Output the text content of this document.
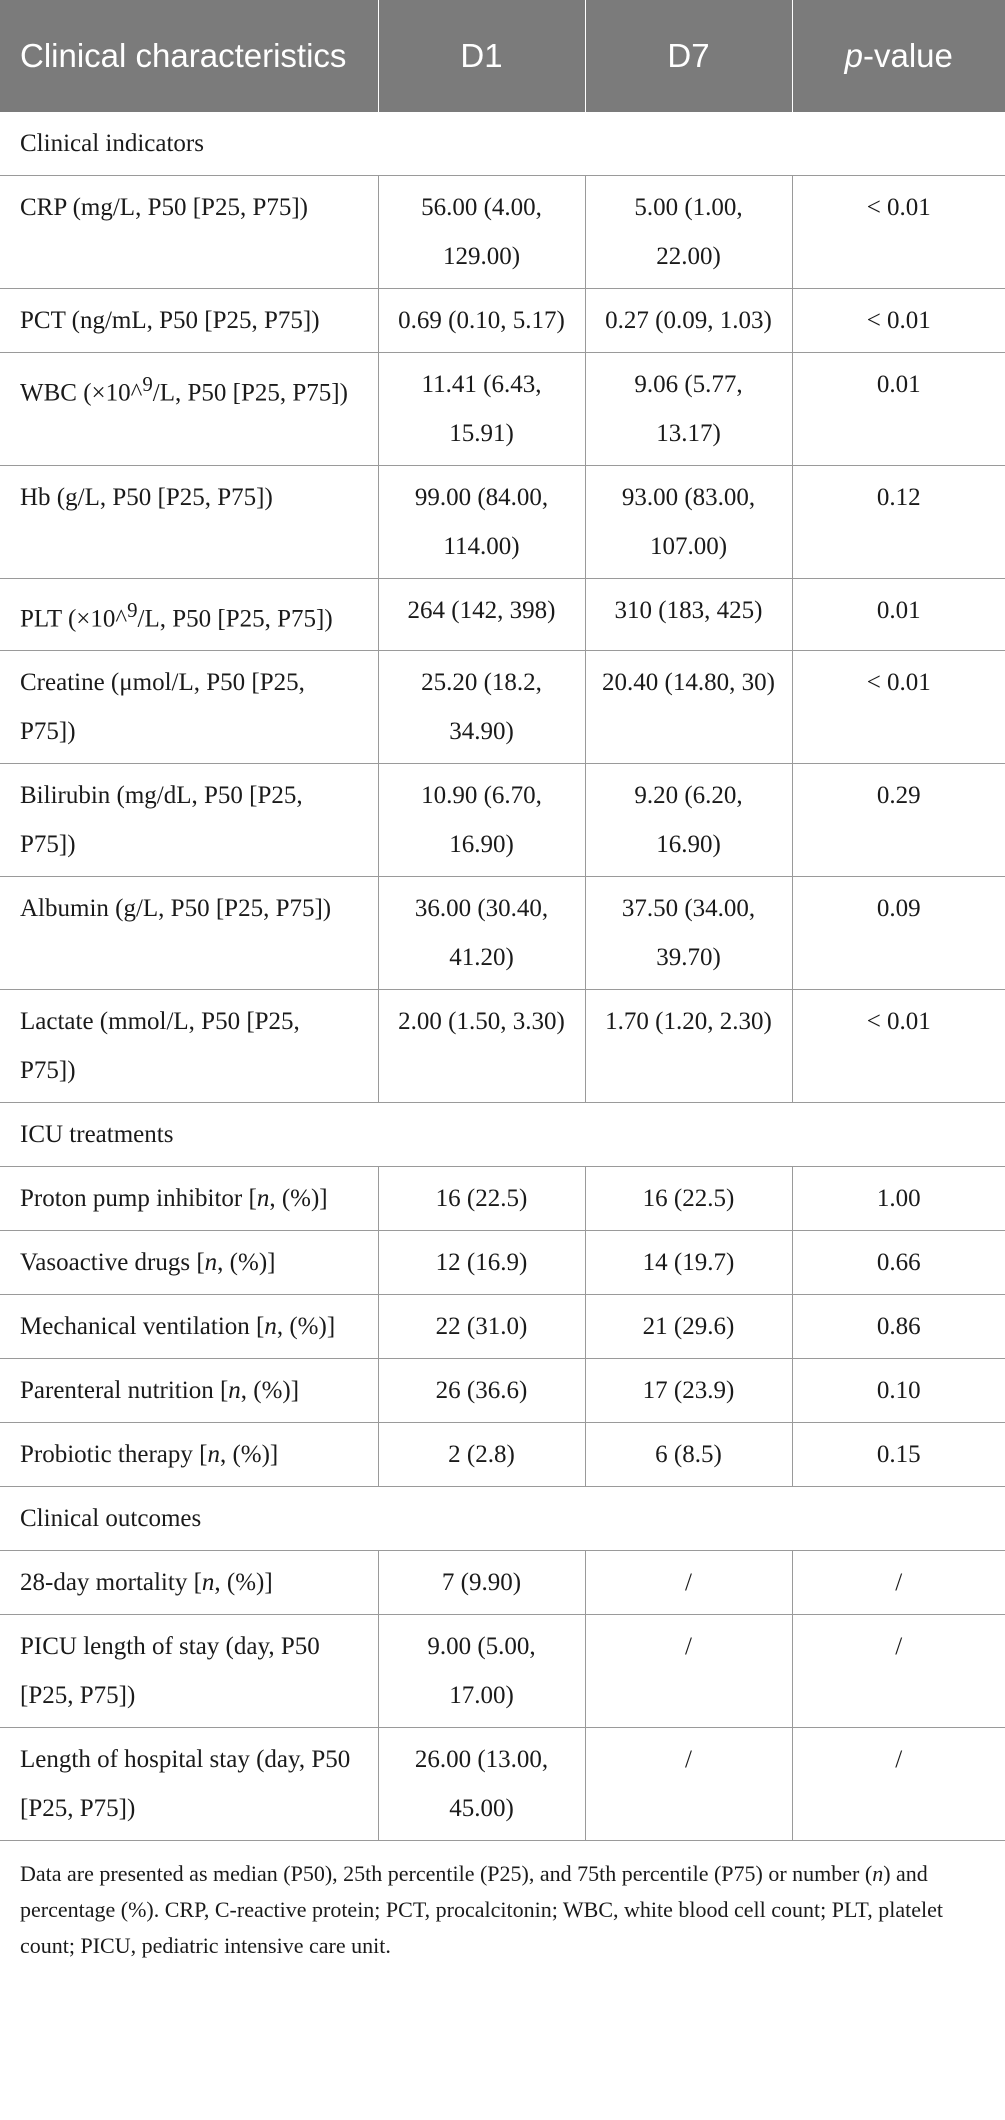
Clinical characteristics	D1	D7	p-value
Clinical indicators			
CRP (mg/L, P50 [P25, P75])	56.00 (4.00, 129.00)	5.00 (1.00, 22.00)	< 0.01
PCT (ng/mL, P50 [P25, P75])	0.69 (0.10, 5.17)	0.27 (0.09, 1.03)	< 0.01
WBC (×10^$^9$/L, P50 [P25, P75])	11.41 (6.43, 15.91)	9.06 (5.77, 13.17)	0.01
Hb (g/L, P50 [P25, P75])	99.00 (84.00, 114.00)	93.00 (83.00, 107.00)	0.12
PLT (×10^$^9$/L, P50 [P25, P75])	264 (142, 398)	310 (183, 425)	0.01
Creatine (μmol/L, P50 [P25, P75])	25.20 (18.2, 34.90)	20.40 (14.80, 30)	< 0.01
Bilirubin (mg/dL, P50 [P25, P75])	10.90 (6.70, 16.90)	9.20 (6.20, 16.90)	0.29
Albumin (g/L, P50 [P25, P75])	36.00 (30.40, 41.20)	37.50 (34.00, 39.70)	0.09
Lactate (mmol/L, P50 [P25, P75])	2.00 (1.50, 3.30)	1.70 (1.20, 2.30)	< 0.01
ICU treatments			
Proton pump inhibitor [n, (%)]	16 (22.5)	16 (22.5)	1.00
Vasoactive drugs [n, (%)]	12 (16.9)	14 (19.7)	0.66
Mechanical ventilation [n, (%)]	22 (31.0)	21 (29.6)	0.86
Parenteral nutrition [n, (%)]	26 (36.6)	17 (23.9)	0.10
Probiotic therapy [n, (%)]	2 (2.8)	6 (8.5)	0.15
Clinical outcomes			
28-day mortality [n, (%)]	7 (9.90)	/	/
PICU length of stay (day, P50 [P25, P75])	9.00 (5.00, 17.00)	/	/
Length of hospital stay (day, P50 [P25, P75])	26.00 (13.00, 45.00)	/	/
Data are presented as median (P50), 25th percentile (P25), and 75th percentile (P75) or number (n) and percentage (%). CRP, C-reactive protein; PCT, procalcitonin; WBC, white blood cell count; PLT, platelet count; PICU, pediatric intensive care unit.
